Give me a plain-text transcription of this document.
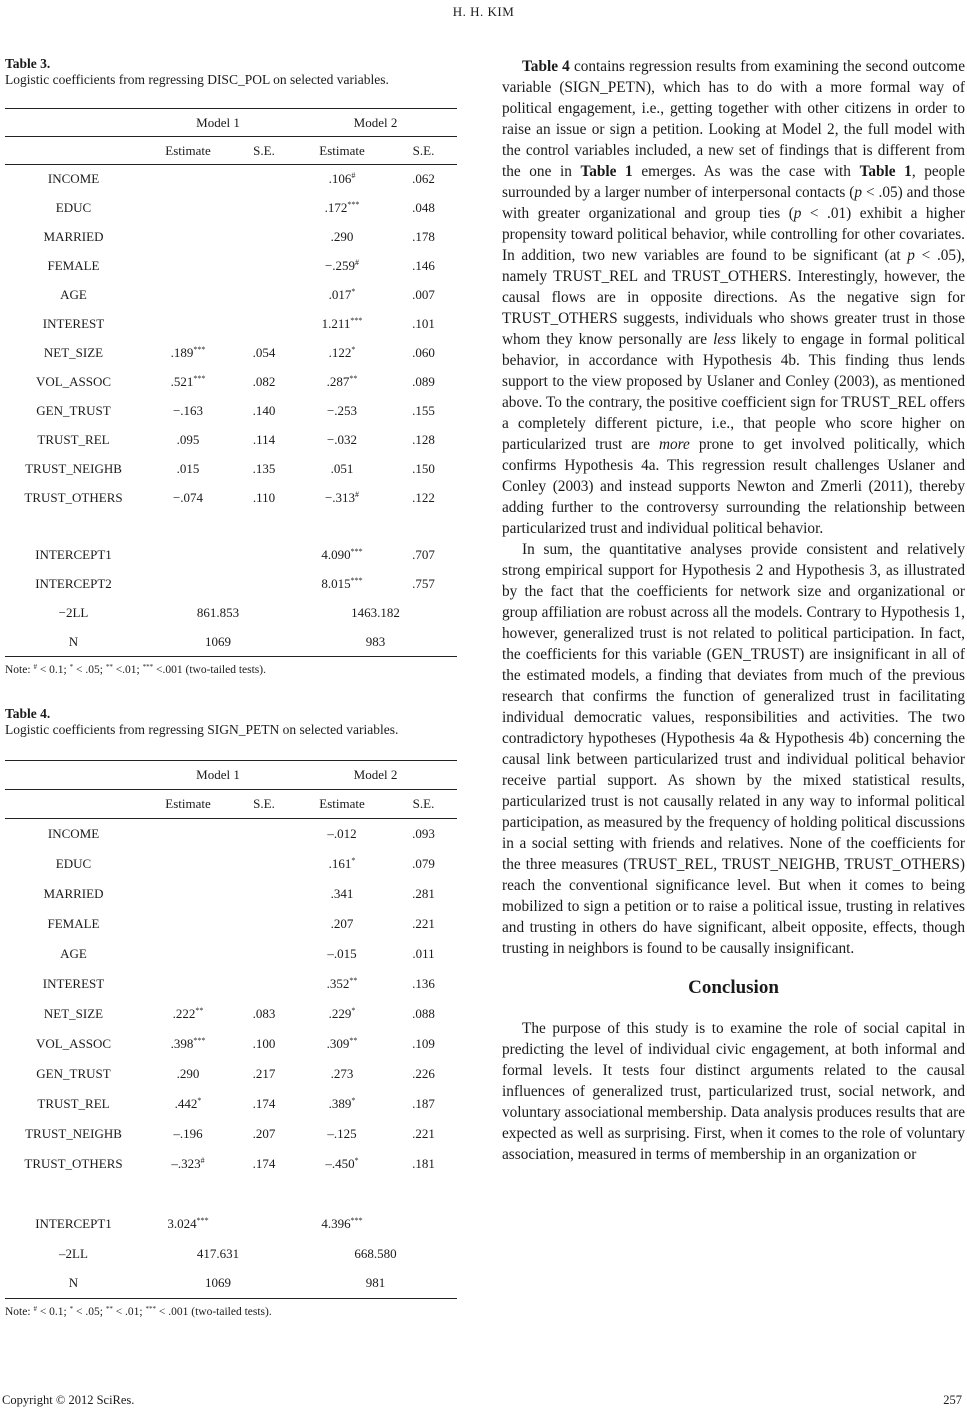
H. H. KIM
Table 3.
Logistic coefficients from regressing DISC_POL on selected variables.
	Model 1		Model 2	
	Estimate	S.E.	Estimate	S.E.
INCOME			.106#	.062
EDUC			.172***	.048
MARRIED			.290	.178
FEMALE			−.259#	.146
AGE			.017*	.007
INTEREST			1.211***	.101
NET_SIZE	.189***	.054	.122*	.060
VOL_ASSOC	.521***	.082	.287**	.089
GEN_TRUST	−.163	.140	−.253	.155
TRUST_REL	.095	.114	−.032	.128
TRUST_NEIGHB	.015	.135	.051	.150
TRUST_OTHERS	−.074	.110	−.313#	.122

INTERCEPT1			4.090***	.707
INTERCEPT2			8.015***	.757
−2LL	861.853		1463.182	
N	1069		983	
Note: # < 0.1; * < .05; ** <.01; *** <.001 (two-tailed tests).
Table 4.
Logistic coefficients from regressing SIGN_PETN on selected variables.
	Model 1		Model 2	
	Estimate	S.E.	Estimate	S.E.
INCOME			–.012	.093
EDUC			.161*	.079
MARRIED			.341	.281
FEMALE			.207	.221
AGE			–.015	.011
INTEREST			.352**	.136
NET_SIZE	.222**	.083	.229*	.088
VOL_ASSOC	.398***	.100	.309**	.109
GEN_TRUST	.290	.217	.273	.226
TRUST_REL	.442*	.174	.389*	.187
TRUST_NEIGHB	–.196	.207	–.125	.221
TRUST_OTHERS	–.323#	.174	–.450*	.181

INTERCEPT1	3.024***		4.396***	
–2LL	417.631		668.580	
N	1069		981	
Note: # < 0.1; * < .05; ** < .01; *** < .001 (two-tailed tests).

Table 4 contains regression results from examining the second outcome variable (SIGN_PETN), which has to do with a more formal way of political engagement, i.e., getting together with other citizens in order to raise an issue or sign a petition. Looking at Model 2, the full model with the control variables included, a new set of findings that is different from the one in Table 1 emerges. As was the case with Table 1, people surrounded by a larger number of interpersonal contacts (p < .05) and those with greater organizational and group ties (p < .01) exhibit a higher propensity toward political behavior, while controlling for other covariates. In addition, two new variables are found to be significant (at p < .05), namely TRUST_REL and TRUST_OTHERS. Interestingly, however, the causal flows are in opposite directions. As the negative sign for TRUST_OTHERS suggests, individuals who shows greater trust in those whom they know personally are less likely to engage in formal political behavior, in accordance with Hypothesis 4b. This finding thus lends support to the view proposed by Uslaner and Conley (2003), as mentioned above. To the contrary, the positive coefficient sign for TRUST_REL offers a completely different picture, i.e., that people who score higher on particularized trust are more prone to get involved politically, which confirms Hypothesis 4a. This regression result challenges Uslaner and Conley (2003) and instead supports Newton and Zmerli (2011), thereby adding further to the controversy surrounding the relationship between particularized trust and individual political behavior.

In sum, the quantitative analyses provide consistent and relatively strong empirical support for Hypothesis 2 and Hypothesis 3, as illustrated by the fact that the coefficients for network size and organizational or group affiliation are robust across all the models. Contrary to Hypothesis 1, however, generalized trust is not related to political participation. In fact, the coefficients for this variable (GEN_TRUST) are insignificant in all of the estimated models, a finding that deviates from much of the previous research that confirms the function of generalized trust in facilitating individual democratic values, responsibilities and activities. The two contradictory hypotheses (Hypothesis 4a & Hypothesis 4b) concerning the causal link between particularized trust and individual political behavior receive partial support. As shown by the mixed statistical results, particularized trust is not causally related in any way to informal political participation, as measured by the frequency of holding political discussions in a social setting with friends and relatives. None of the coefficients for the three measures (TRUST_REL, TRUST_NEIGHB, TRUST_OTHERS) reach the conventional significance level. But when it comes to being mobilized to sign a petition or to raise a political issue, trusting in relatives and trusting in others do have significant, albeit opposite, effects, though trusting in neighbors is found to be causally insignificant.

Conclusion

The purpose of this study is to examine the role of social capital in predicting the level of individual civic engagement, at both informal and formal levels. It tests four distinct arguments related to the causal influences of generalized trust, particularized trust, social network, and voluntary associational membership. Data analysis produces results that are expected as well as surprising. First, when it comes to the role of voluntary association, measured in terms of membership in an organization or

Copyright © 2012 SciRes.	257
